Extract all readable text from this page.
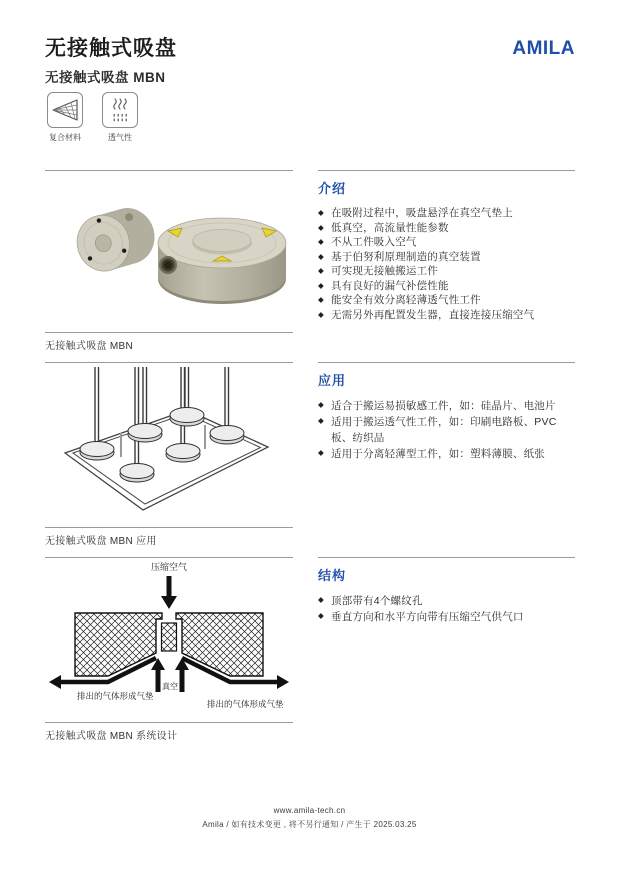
无接触式吸盘
无接触式吸盘 MBN
AMILA
复合材料	透气性
无接触式吸盘 MBN
介绍
◆ 在吸附过程中，吸盘悬浮在真空气垫上
◆ 低真空，高流量性能参数
◆ 不从工件吸入空气
◆ 基于伯努利原理制造的真空装置
◆ 可实现无接触搬运工件
◆ 具有良好的漏气补偿性能
◆ 能安全有效分离轻薄透气性工件
◆ 无需另外再配置发生器，直接连接压缩空气
无接触式吸盘 MBN 应用
应用
◆ 适合于搬运易损敏感工件，如：硅晶片、电池片
◆ 适用于搬运透气性工件，如：印刷电路板、PVC板、纺织品
◆ 适用于分离轻薄型工件，如：塑料薄膜、纸张
压缩空气
真空
排出的气体形成气垫
排出的气体形成气垫
无接触式吸盘 MBN 系统设计
结构
◆ 顶部带有4个螺纹孔
◆ 垂直方向和水平方向带有压缩空气供气口
www.amila-tech.cn
Amila / 如有技术变更 , 将不另行通知 / 产生于 2025.03.25
